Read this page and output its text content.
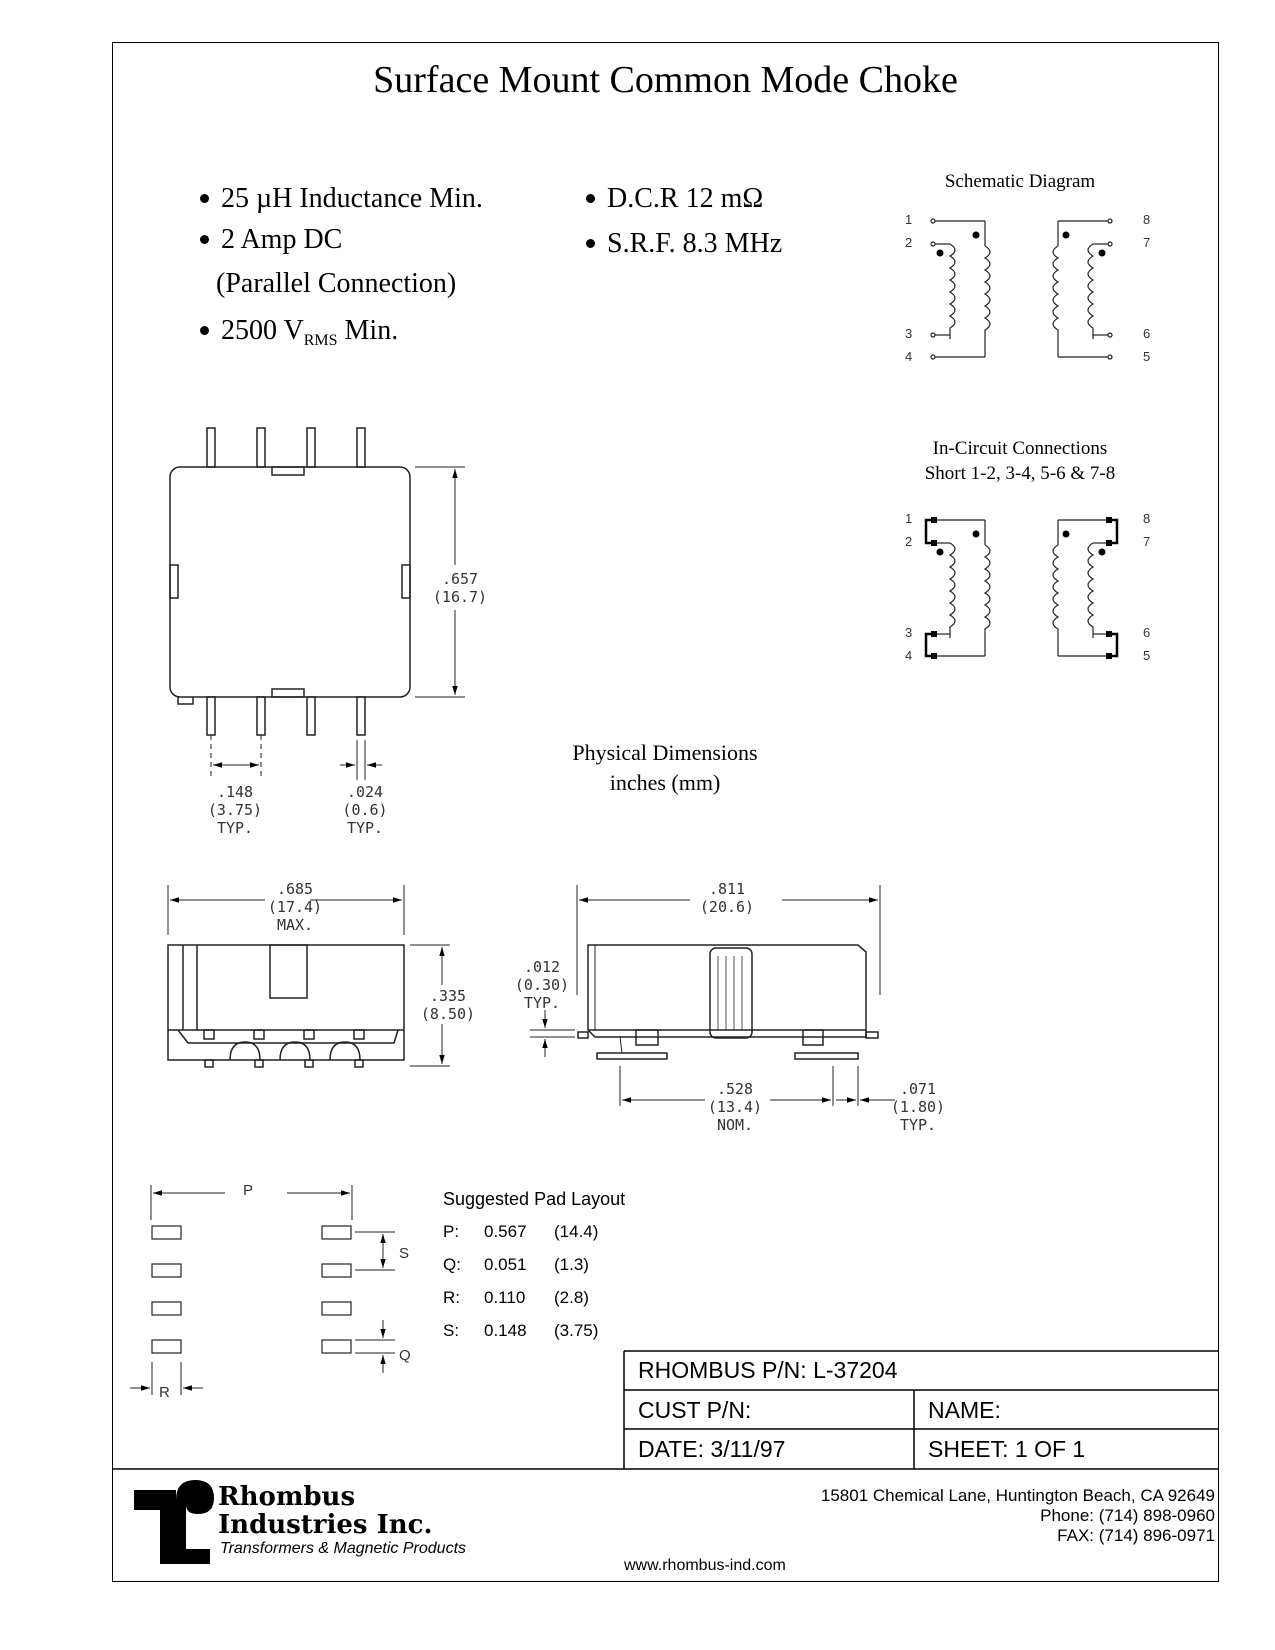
Surface Mount Common Mode Choke
25 µH Inductance Min.
2 Amp DC
(Parallel Connection)
2500 $V_{RMS}$ Min.
D.C.R 12 mΩ
S.R.F. 8.3 MHz
Schematic Diagram
1
2
3
4
8
7
6
5
In-Circuit Connections
Short 1-2, 3-4, 5-6 & 7-8
1
2
3
4
8
7
6
5
Physical Dimensions
inches (mm)
.657
(16.7)
.148
(3.75)
TYP.
.024
(0.6)
TYP.
.685
(17.4)
MAX.
.335
(8.50)
.811
(20.6)
.012
(0.30)
TYP.
.528
(13.4)
NOM.
.071
(1.80)
TYP.
P
S
Q
R
Suggested Pad Layout
P: 0.567 (14.4)
Q: 0.051 (1.3)
R: 0.110 (2.8)
S: 0.148 (3.75)
RHOMBUS P/N: L-37204
CUST P/N:	NAME:
DATE: 3/11/97	SHEET: 1 OF 1
Rhombus
Industries Inc.
Transformers & Magnetic Products
15801 Chemical Lane, Huntington Beach, CA 92649
Phone: (714) 898-0960
FAX: (714) 896-0971
www.rhombus-ind.com
